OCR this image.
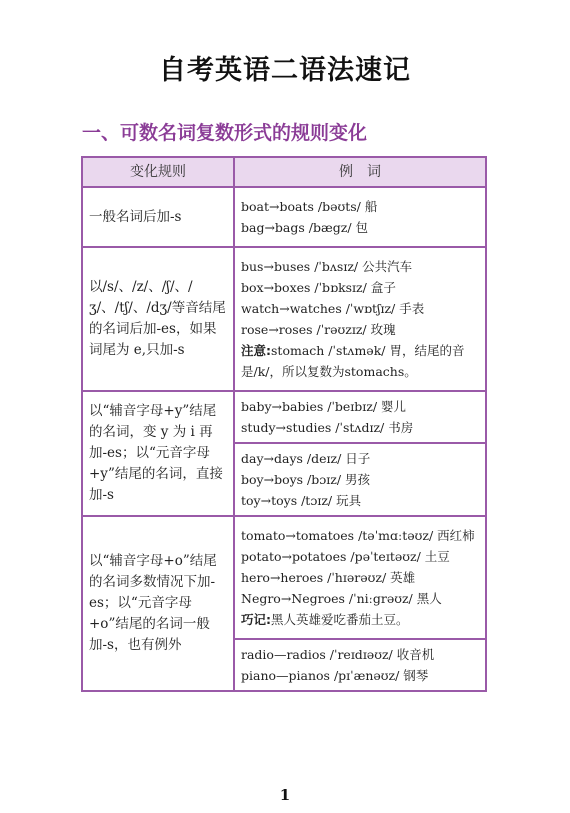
自考英语二语法速记
一、可数名词复数形式的规则变化
变化规则	例　词
一般名词后加-s	boat→boats /bəʊts/ 船
bag→bags /bægz/ 包

以/s/、/z/、/ʃ/、/ʒ/、/tʃ/、/dʒ/等音结尾的名词后加-es，如果词尾为 e,只加-s	bus→buses /ˈbʌsɪz/ 公共汽车
box→boxes /ˈbɒksɪz/ 盒子
watch→watches /ˈwɒtʃɪz/ 手表
rose→roses /ˈrəʊzɪz/ 玫瑰
注意:stomach /ˈstʌmək/ 胃，结尾的音是/k/，所以复数为stomachs。

以“辅音字母+y”结尾的名词，变 y 为 i 再加-es；以“元音字母+y”结尾的名词，直接加-s	baby→babies /ˈbeɪbɪz/ 婴儿
study→studies /ˈstʌdɪz/ 书房

	day→days /deɪz/ 日子
boy→boys /bɔɪz/ 男孩
toy→toys /tɔɪz/ 玩具

以“辅音字母+o”结尾的名词多数情况下加-es；以“元音字母+o”结尾的名词一般加-s，也有例外	tomato→tomatoes /təˈmɑːtəʊz/ 西红柿
potato→potatoes /pəˈteɪtəʊz/ 土豆
hero→heroes /ˈhɪərəʊz/ 英雄
Negro→Negroes /ˈniːgrəʊz/ 黑人
巧记:黑人英雄爱吃番茄土豆。

	radio—radios /ˈreɪdɪəʊz/ 收音机
piano—pianos /pɪˈænəʊz/ 钢琴
1
